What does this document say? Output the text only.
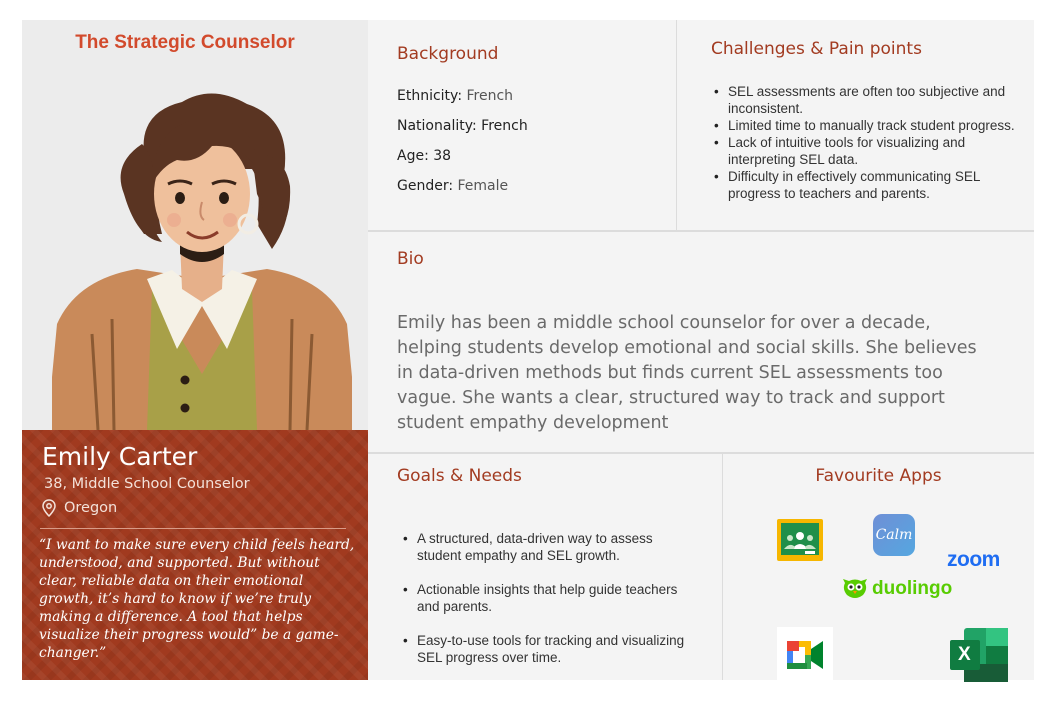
The Strategic Counselor
Emily Carter
38, Middle School Counselor
Oregon
“I want to make sure every child feels heard, understood, and supported. But without clear, reliable data on their emotional growth, it’s hard to know if we’re truly making a difference. A tool that helps visualize their progress would” be a game-changer.”
Background
Ethnicity: French
Nationality: French
Age: 38
Gender: Female
Challenges & Pain points
• SEL assessments are often too subjective and inconsistent.
• Limited time to manually track student progress.
• Lack of intuitive tools for visualizing and interpreting SEL data.
• Difficulty in effectively communicating SEL progress to teachers and parents.
Bio
Emily has been a middle school counselor for over a decade, helping students develop emotional and social skills. She believes in data-driven methods but finds current SEL assessments too vague. She wants a clear, structured way to track and support student empathy development
Goals & Needs
• A structured, data-driven way to assess student empathy and SEL growth.
• Actionable insights that help guide teachers and parents.
• Easy-to-use tools for tracking and visualizing SEL progress over time.
Favourite Apps
Calm
zoom
duolingo
X
